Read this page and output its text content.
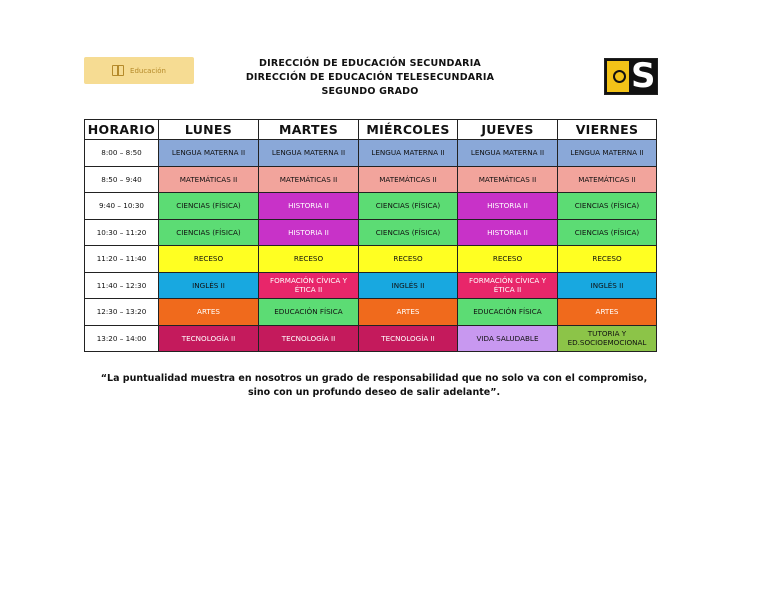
Educación
DIRECCIÓN DE EDUCACIÓN SECUNDARIA
DIRECCIÓN DE EDUCACIÓN TELESECUNDARIA
SEGUNDO GRADO	S
HORARIO	LUNES	MARTES	MIÉRCOLES	JUEVES	VIERNES
8:00 – 8:50	LENGUA MATERNA II	LENGUA MATERNA II	LENGUA MATERNA II	LENGUA MATERNA II	LENGUA MATERNA II
8:50 – 9:40	MATEMÁTICAS II	MATEMÁTICAS II	MATEMÁTICAS II	MATEMÁTICAS II	MATEMÁTICAS II
9:40 – 10:30	CIENCIAS (FÍSICA)	HISTORIA II	CIENCIAS (FÍSICA)	HISTORIA II	CIENCIAS (FÍSICA)
10:30 – 11:20	CIENCIAS (FÍSICA)	HISTORIA II	CIENCIAS (FÍSICA)	HISTORIA II	CIENCIAS (FÍSICA)
11:20 – 11:40	RECESO	RECESO	RECESO	RECESO	RECESO
11:40 – 12:30	INGLÉS II	FORMACIÓN CÍVICA Y ÉTICA II	INGLÉS II	FORMACIÓN CÍVICA Y ÉTICA II	INGLÉS II
12:30 – 13:20	ARTES	EDUCACIÓN FÍSICA	ARTES	EDUCACIÓN FÍSICA	ARTES
13:20 – 14:00	TECNOLOGÍA II	TECNOLOGÍA II	TECNOLOGÍA II	VIDA SALUDABLE	TUTORIA Y ED.SOCIOEMOCIONAL
“La puntualidad muestra en nosotros un grado de responsabilidad que no solo va con el compromiso,
sino con un profundo deseo de salir adelante”.
